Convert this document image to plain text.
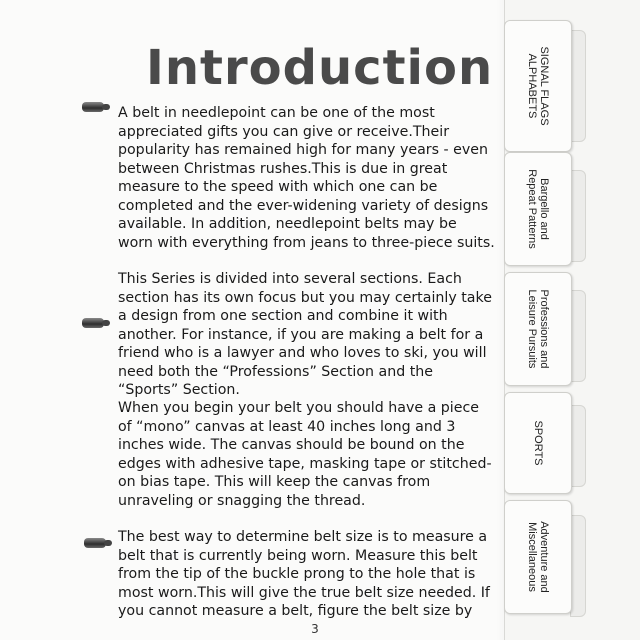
Introduction

A belt in needlepoint can be one of the most appreciated gifts you can give or receive.Their popularity has remained high for many years - even between Christmas rushes.This is due in great measure to the speed with which one can be completed and the ever-widening variety of designs available. In addition, needlepoint belts may be worn with everything from jeans to three-piece suits.

This Series is divided into several sections. Each section has its own focus but you may certainly take a design from one section and combine it with another. For instance, if you are making a belt for a friend who is a lawyer and who loves to ski, you will need both the “Professions” Section and the “Sports” Section.

When you begin your belt you should have a piece of “mono” canvas at least 40 inches long and 3 inches wide. The canvas should be bound on the edges with adhesive tape, masking tape or stitched-on bias tape. This will keep the canvas from unraveling or snagging the thread.

The best way to determine belt size is to measure a belt that is currently being worn. Measure this belt from the tip of the buckle prong to the hole that is most worn.This will give the true belt size needed. If you cannot measure a belt, figure the belt size by

3
SIGNAL FLAGS
ALPHABETS
Bargello and
Repeat Patterns
Professions and
Leisure Pursuits
SPORTS
Adventure and
Miscellaneous
